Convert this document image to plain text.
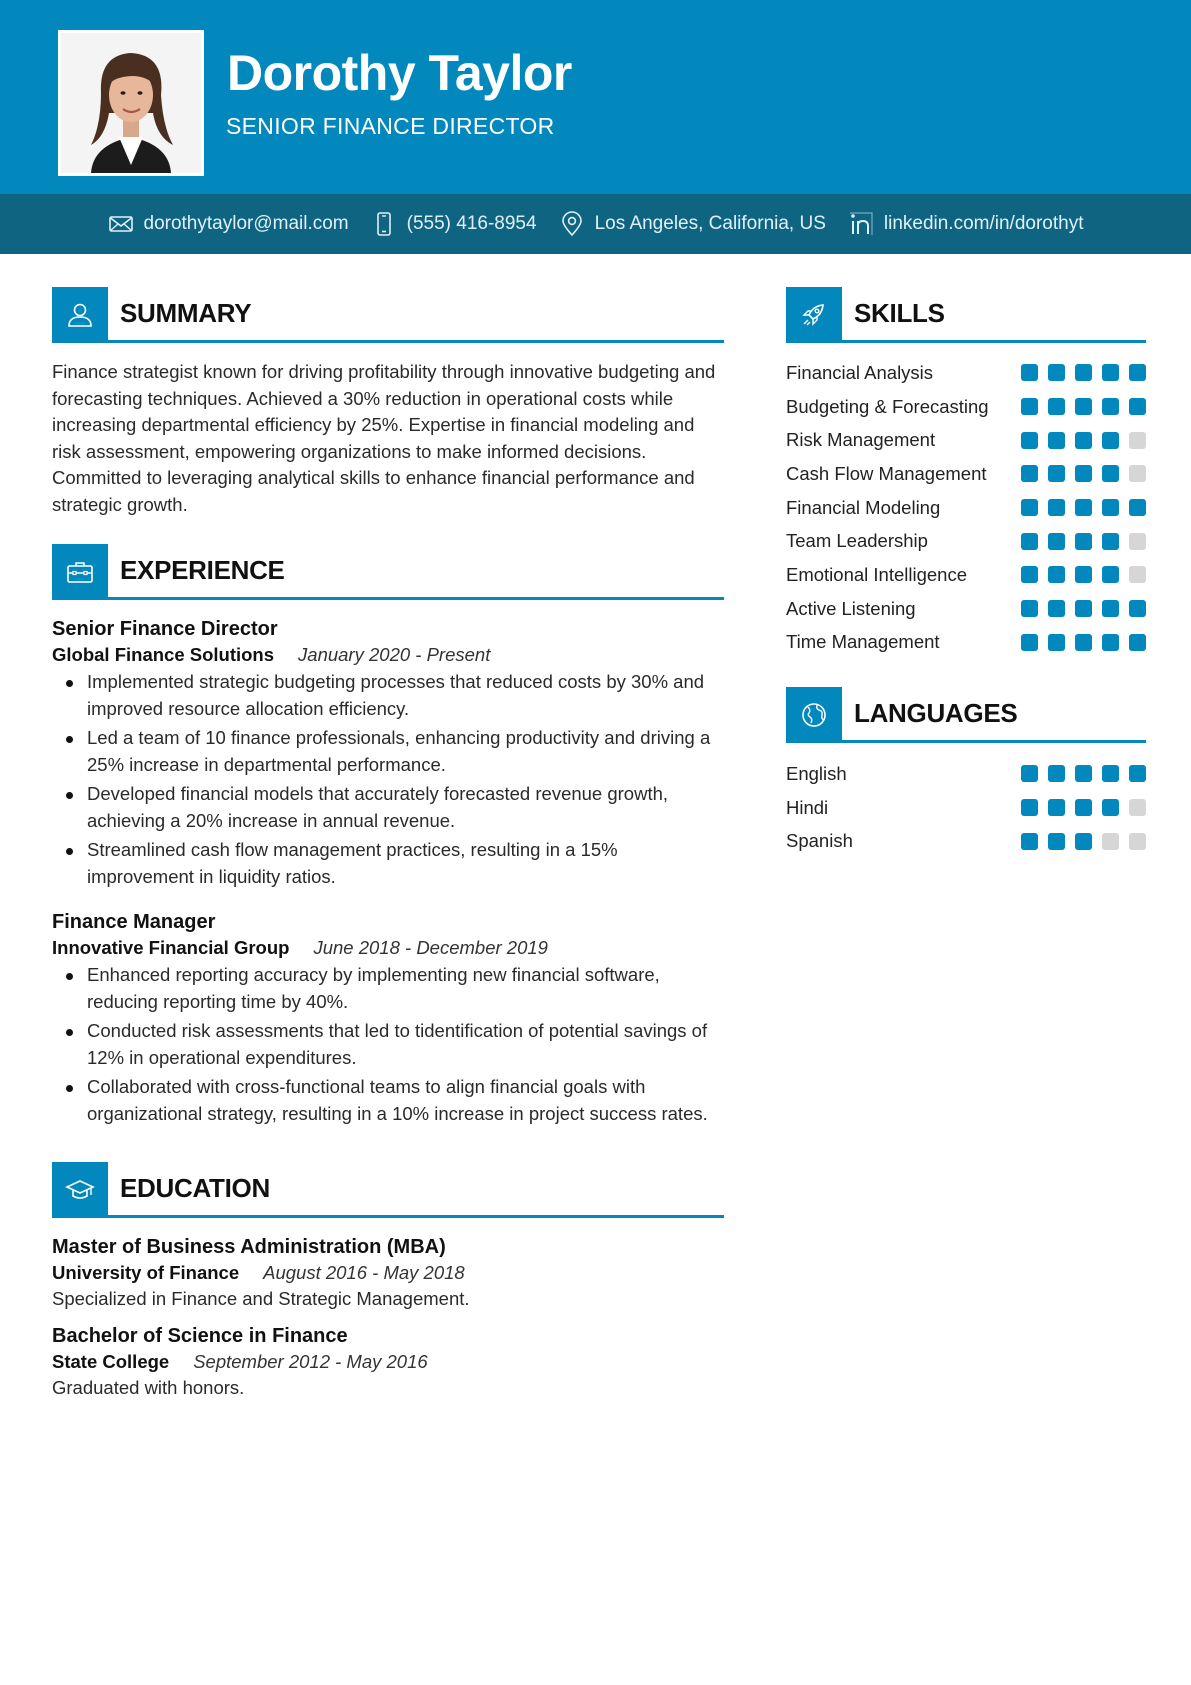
Dorothy Taylor
SENIOR FINANCE DIRECTOR
dorothytaylor@mail.com	(555) 416-8954	Los Angeles, California, US	linkedin.com/in/dorothyt
SUMMARY

Finance strategist known for driving profitability through innovative budgeting and forecasting techniques. Achieved a 30% reduction in operational costs while increasing departmental efficiency by 25%. Expertise in financial modeling and risk assessment, empowering organizations to make informed decisions. Committed to leveraging analytical skills to enhance financial performance and strategic growth.

EXPERIENCE
Senior Finance Director
Global Finance Solutions January 2020 - Present
Implemented strategic budgeting processes that reduced costs by 30% and improved resource allocation efficiency.
Led a team of 10 finance professionals, enhancing productivity and driving a 25% increase in departmental performance.
Developed financial models that accurately forecasted revenue growth, achieving a 20% increase in annual revenue.
Streamlined cash flow management practices, resulting in a 15% improvement in liquidity ratios.
Finance Manager
Innovative Financial Group June 2018 - December 2019
Enhanced reporting accuracy by implementing new financial software, reducing reporting time by 40%.
Conducted risk assessments that led to tidentification of potential savings of 12% in operational expenditures.
Collaborated with cross-functional teams to align financial goals with organizational strategy, resulting in a 10% increase in project success rates.
EDUCATION
Master of Business Administration (MBA)
University of Finance August 2016 - May 2018
Specialized in Finance and Strategic Management.
Bachelor of Science in Finance
State College September 2012 - May 2016
Graduated with honors.
SKILLS
Financial Analysis
Budgeting & Forecasting
Risk Management
Cash Flow Management
Financial Modeling
Team Leadership
Emotional Intelligence
Active Listening
Time Management
LANGUAGES
English
Hindi
Spanish
